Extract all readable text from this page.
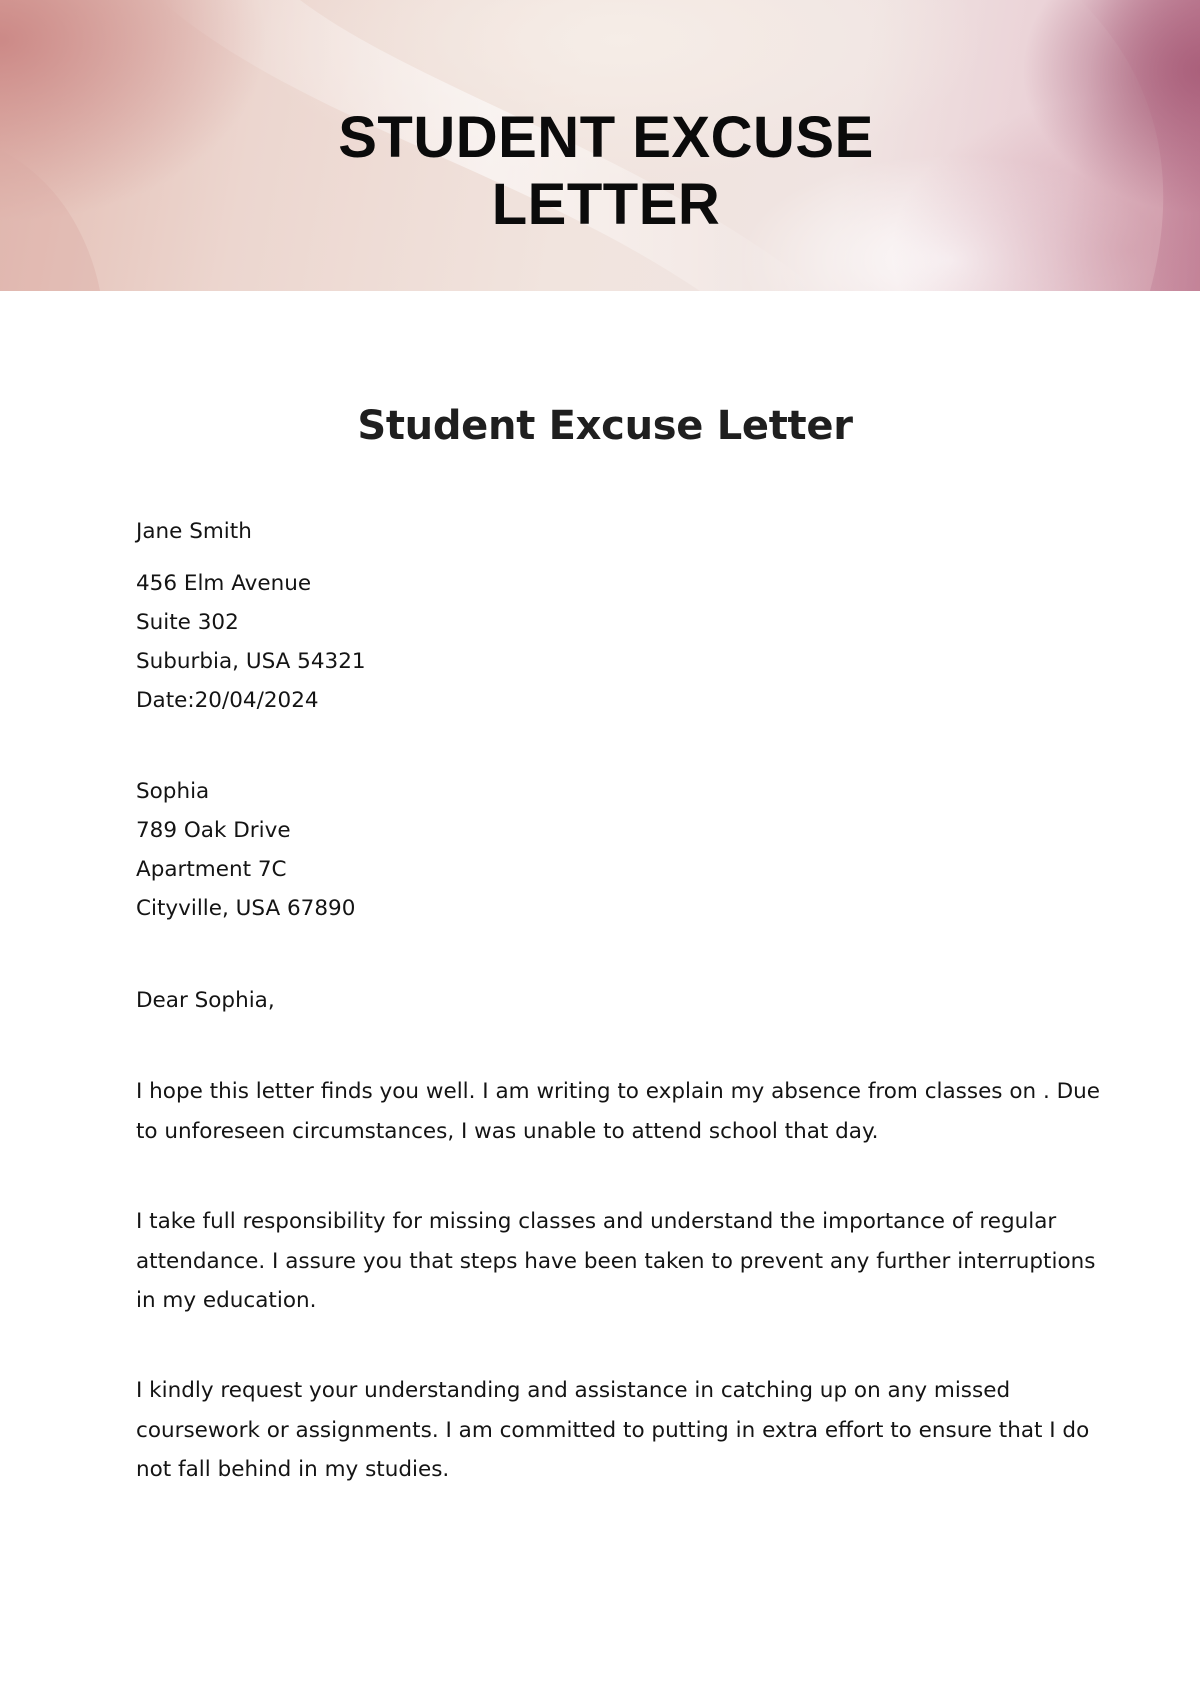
STUDENT EXCUSE
LETTER
Student Excuse Letter
Jane Smith
456 Elm Avenue
Suite 302
Suburbia, USA 54321
Date:20/04/2024
Sophia
789 Oak Drive
Apartment 7C
Cityville, USA 67890
Dear Sophia,
I hope this letter finds you well. I am writing to explain my absence from classes on . Due
to unforeseen circumstances, I was unable to attend school that day.
I take full responsibility for missing classes and understand the importance of regular
attendance. I assure you that steps have been taken to prevent any further interruptions
in my education.
I kindly request your understanding and assistance in catching up on any missed
coursework or assignments. I am committed to putting in extra effort to ensure that I do
not fall behind in my studies.
